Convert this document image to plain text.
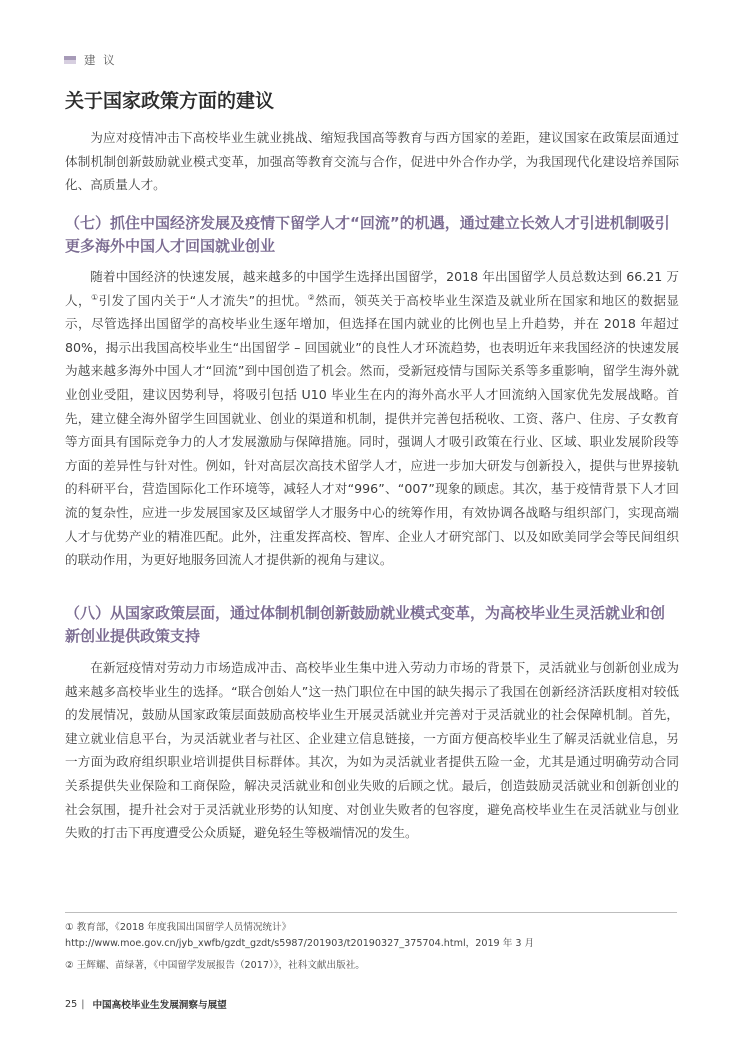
建 议
关于国家政策方面的建议

为应对疫情冲击下高校毕业生就业挑战、缩短我国高等教育与西方国家的差距，建议国家在政策层面通过体制机制创新鼓励就业模式变革，加强高等教育交流与合作，促进中外合作办学，为我国现代化建设培养国际化、高质量人才。

（七）抓住中国经济发展及疫情下留学人才“回流”的机遇，通过建立长效人才引进机制吸引更多海外中国人才回国就业创业

随着中国经济的快速发展，越来越多的中国学生选择出国留学，2018 年出国留学人员总数达到 66.21 万人，①引发了国内关于“人才流失”的担忧。②然而，领英关于高校毕业生深造及就业所在国家和地区的数据显示，尽管选择出国留学的高校毕业生逐年增加，但选择在国内就业的比例也呈上升趋势，并在 2018 年超过 80%，揭示出我国高校毕业生“出国留学 – 回国就业”的良性人才环流趋势，也表明近年来我国经济的快速发展为越来越多海外中国人才“回流”到中国创造了机会。然而，受新冠疫情与国际关系等多重影响，留学生海外就业创业受阻，建议因势利导，将吸引包括 U10 毕业生在内的海外高水平人才回流纳入国家优先发展战略。首先，建立健全海外留学生回国就业、创业的渠道和机制，提供并完善包括税收、工资、落户、住房、子女教育等方面具有国际竞争力的人才发展激励与保障措施。同时，强调人才吸引政策在行业、区域、职业发展阶段等方面的差异性与针对性。例如，针对高层次高技术留学人才，应进一步加大研发与创新投入，提供与世界接轨的科研平台，营造国际化工作环境等，减轻人才对“996”、“007”现象的顾虑。其次，基于疫情背景下人才回流的复杂性，应进一步发展国家及区域留学人才服务中心的统筹作用，有效协调各战略与组织部门，实现高端人才与优势产业的精准匹配。此外，注重发挥高校、智库、企业人才研究部门、以及如欧美同学会等民间组织的联动作用，为更好地服务回流人才提供新的视角与建议。

（八）从国家政策层面，通过体制机制创新鼓励就业模式变革，为高校毕业生灵活就业和创新创业提供政策支持

在新冠疫情对劳动力市场造成冲击、高校毕业生集中进入劳动力市场的背景下，灵活就业与创新创业成为越来越多高校毕业生的选择。“联合创始人”这一热门职位在中国的缺失揭示了我国在创新经济活跃度相对较低的发展情况，鼓励从国家政策层面鼓励高校毕业生开展灵活就业并完善对于灵活就业的社会保障机制。首先，建立就业信息平台，为灵活就业者与社区、企业建立信息链接，一方面方便高校毕业生了解灵活就业信息，另一方面为政府组织职业培训提供目标群体。其次，为如为灵活就业者提供五险一金，尤其是通过明确劳动合同关系提供失业保险和工商保险，解决灵活就业和创业失败的后顾之忧。最后，创造鼓励灵活就业和创新创业的社会氛围，提升社会对于灵活就业形势的认知度、对创业失败者的包容度，避免高校毕业生在灵活就业与创业失败的打击下再度遭受公众质疑，避免轻生等极端情况的发生。

① 教育部，《2018 年度我国出国留学人员情况统计》http://www.moe.gov.cn/jyb_xwfb/gzdt_gzdt/s5987/201903/t20190327_375704.html，2019 年 3 月

② 王辉耀、苗绿著，《中国留学发展报告（2017）》，社科文献出版社。

25 | 中国高校毕业生发展洞察与展望
